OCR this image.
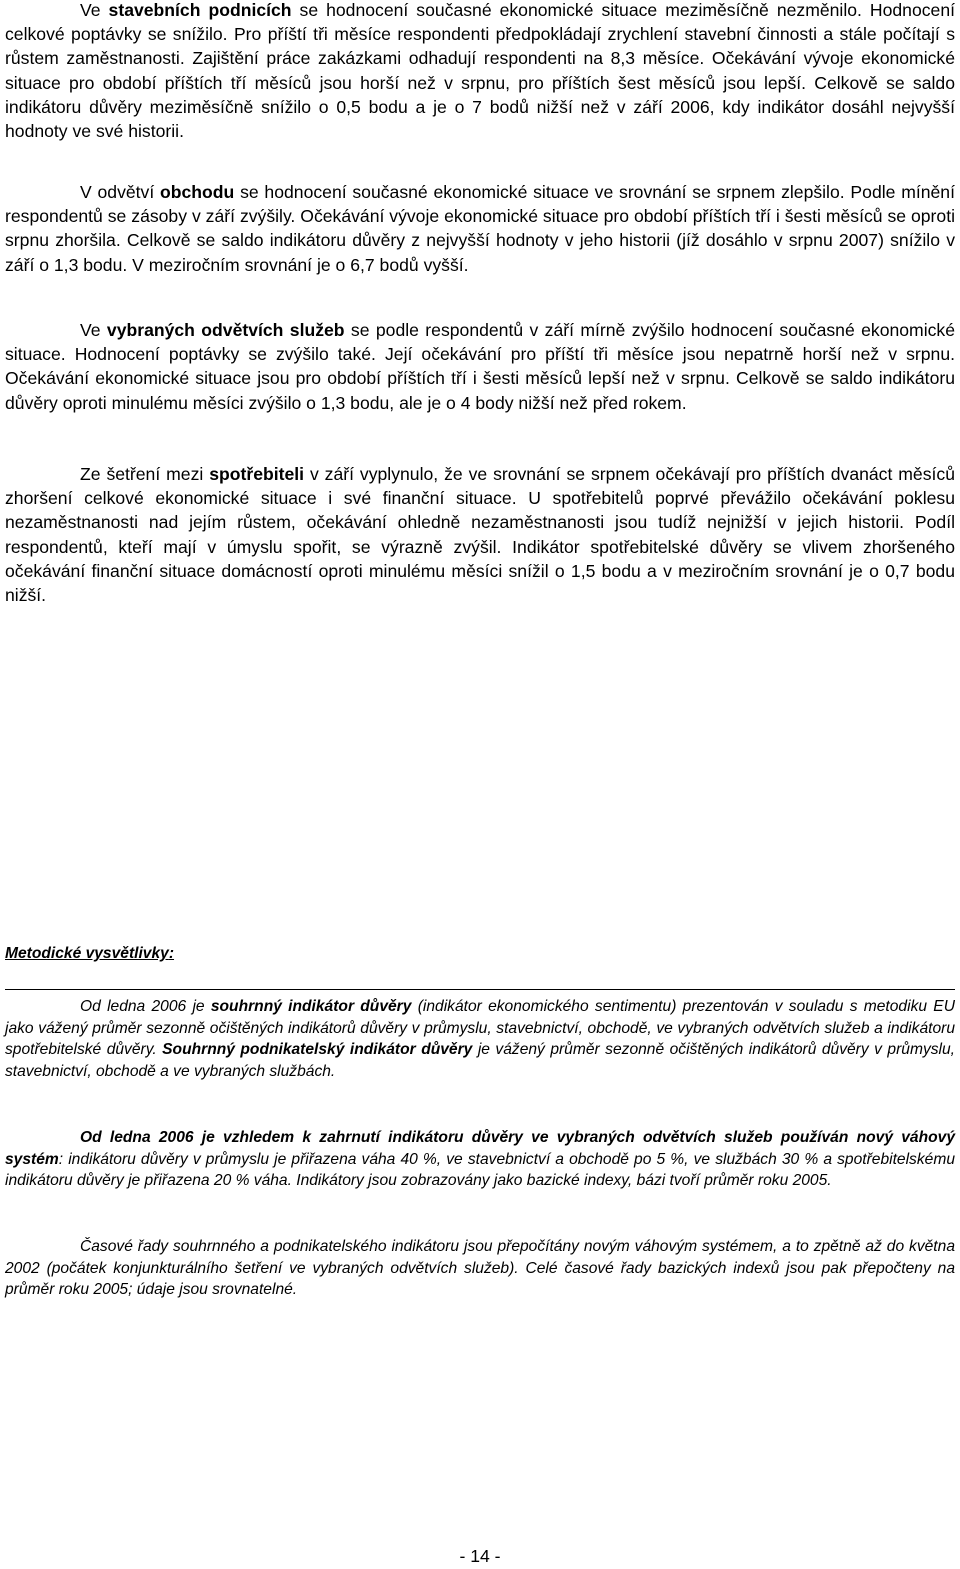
Ve stavebních podnicích se hodnocení současné ekonomické situace meziměsíčně nezměnilo. Hodnocení celkové poptávky se snížilo. Pro příští tři měsíce respondenti předpokládají zrychlení stavební činnosti a stále počítají s růstem zaměstnanosti. Zajištění práce zakázkami odhadují respondenti na 8,3 měsíce. Očekávání vývoje ekonomické situace pro období příštích tří měsíců jsou horší než v srpnu, pro příštích šest měsíců jsou lepší. Celkově se saldo indikátoru důvěry meziměsíčně snížilo o 0,5 bodu a je o 7 bodů nižší než v září 2006, kdy indikátor dosáhl nejvyšší hodnoty ve své historii.

V odvětví obchodu se hodnocení současné ekonomické situace ve srovnání se srpnem zlepšilo. Podle mínění respondentů se zásoby v září zvýšily. Očekávání vývoje ekonomické situace pro období příštích tří i šesti měsíců se oproti srpnu zhoršila. Celkově se saldo indikátoru důvěry z nejvyšší hodnoty v jeho historii (jíž dosáhlo v srpnu 2007) snížilo v září o 1,3 bodu. V meziročním srovnání je o 6,7 bodů vyšší.

Ve vybraných odvětvích služeb se podle respondentů v září mírně zvýšilo hodnocení současné ekonomické situace. Hodnocení poptávky se zvýšilo také. Její očekávání pro příští tři měsíce jsou nepatrně horší než v srpnu. Očekávání ekonomické situace jsou pro období příštích tří i šesti měsíců lepší než v srpnu. Celkově se saldo indikátoru důvěry oproti minulému měsíci zvýšilo o 1,3 bodu, ale je o 4 body nižší než před rokem.

Ze šetření mezi spotřebiteli v září vyplynulo, že ve srovnání se srpnem očekávají pro příštích dvanáct měsíců zhoršení celkové ekonomické situace i své finanční situace. U spotřebitelů poprvé převážilo očekávání poklesu nezaměstnanosti nad jejím růstem, očekávání ohledně nezaměstnanosti jsou tudíž nejnižší v jejich historii. Podíl respondentů, kteří mají v úmyslu spořit, se výrazně zvýšil. Indikátor spotřebitelské důvěry se vlivem zhoršeného očekávání finanční situace domácností oproti minulému měsíci snížil o 1,5 bodu a v meziročním srovnání je o 0,7 bodu nižší.

Metodické vysvětlivky:

Od ledna 2006 je souhrnný indikátor důvěry (indikátor ekonomického sentimentu) prezentován v souladu s metodiku EU jako vážený průměr sezonně očištěných indikátorů důvěry v průmyslu, stavebnictví, obchodě, ve vybraných odvětvích služeb a indikátoru spotřebitelské důvěry. Souhrnný podnikatelský indikátor důvěry je vážený průměr sezonně očištěných indikátorů důvěry v průmyslu, stavebnictví, obchodě a ve vybraných službách.

Od ledna 2006 je vzhledem k zahrnutí indikátoru důvěry ve vybraných odvětvích služeb používán nový váhový systém: indikátoru důvěry v průmyslu je přiřazena váha 40 %, ve stavebnictví a obchodě po 5 %, ve službách 30 % a spotřebitelskému indikátoru důvěry je přiřazena 20 % váha. Indikátory jsou zobrazovány jako bazické indexy, bázi tvoří průměr roku 2005.

Časové řady souhrnného a podnikatelského indikátoru jsou přepočítány novým váhovým systémem, a to zpětně až do května 2002 (počátek konjunkturálního šetření ve vybraných odvětvích služeb). Celé časové řady bazických indexů jsou pak přepočteny na průměr roku 2005; údaje jsou srovnatelné.

- 14 -
